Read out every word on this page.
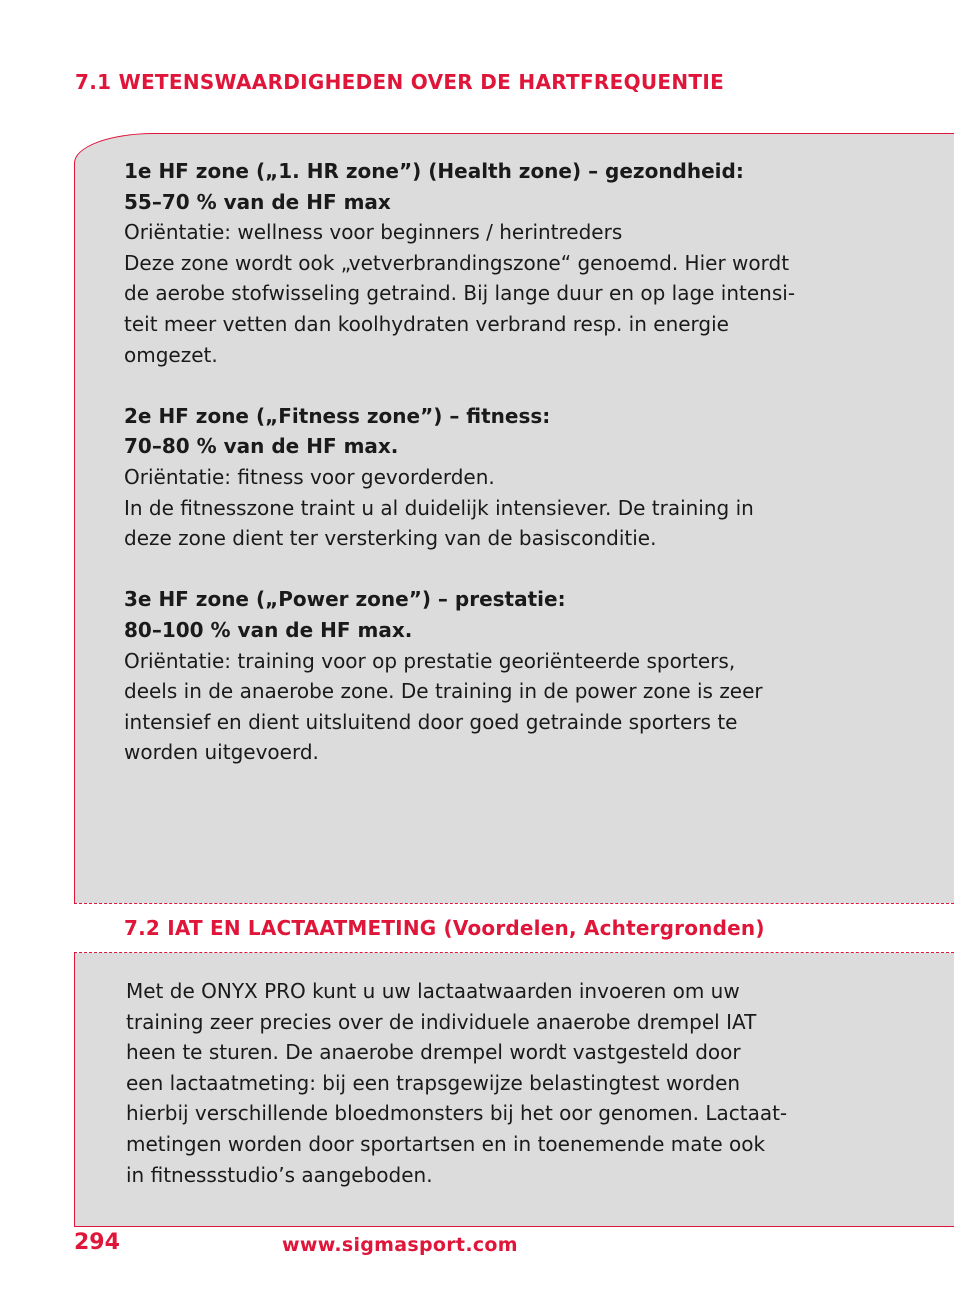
7.1 WETENSWAARDIGHEDEN OVER DE HARTFREQUENTIE

1e HF zone („1. HR zone”) (Health zone) – gezondheid:
55–70 % van de HF max
Oriëntatie: wellness voor beginners / herintreders
Deze zone wordt ook „vetverbrandingszone“ genoemd. Hier wordt
de aerobe stofwisseling getraind. Bij lange duur en op lage intensi-
teit meer vetten dan koolhydraten verbrand resp. in energie
omgezet.

2e HF zone („Fitness zone”) – fitness:
70–80 % van de HF max.
Oriëntatie: fitness voor gevorderden.
In de fitnesszone traint u al duidelijk intensiever. De training in
deze zone dient ter versterking van de basisconditie.

3e HF zone („Power zone”) – prestatie:
80–100 % van de HF max.
Oriëntatie: training voor op prestatie georiënteerde sporters,
deels in de anaerobe zone. De training in de power zone is zeer
intensief en dient uitsluitend door goed getrainde sporters te
worden uitgevoerd.

7.2 IAT EN LACTAATMETING (Voordelen, Achtergronden)
Met de ONYX PRO kunt u uw lactaatwaarden invoeren om uw
training zeer precies over de individuele anaerobe drempel IAT
heen te sturen. De anaerobe drempel wordt vastgesteld door
een lactaatmeting: bij een trapsgewijze belastingtest worden
hierbij verschillende bloedmonsters bij het oor genomen. Lactaat-
metingen worden door sportartsen en in toenemende mate ook
in fitnessstudio’s aangeboden.
294	www.sigmasport.com
